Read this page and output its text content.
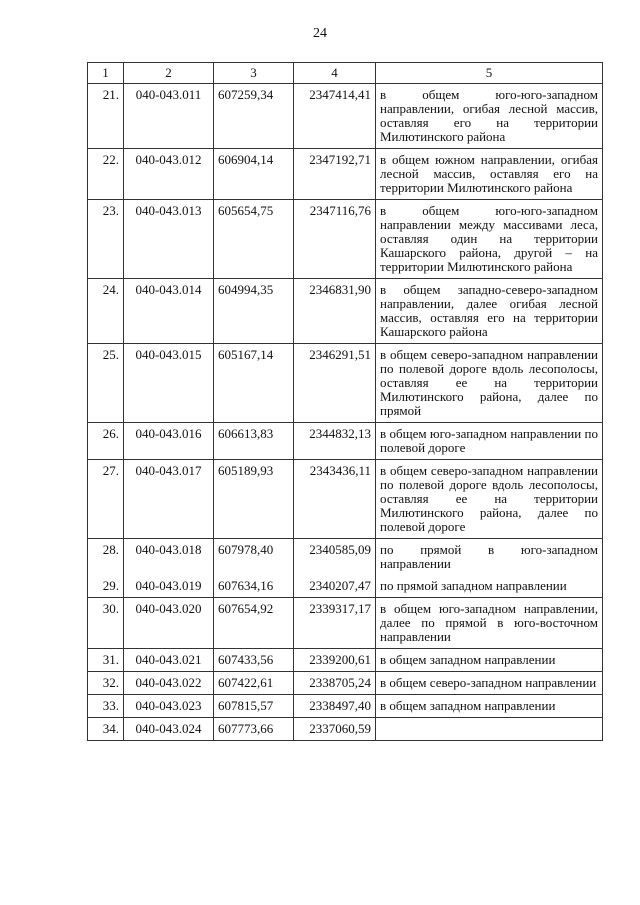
24
1	2	3	4	5
21.	040-043.011	607259,34	2347414,41	в общем юго-юго-западном направлении, огибая лесной массив, оставляя его на территории Милютинского района
22.	040-043.012	606904,14	2347192,71	в общем южном направлении, огибая лесной массив, оставляя его на территории Милютинского района
23.	040-043.013	605654,75	2347116,76	в общем юго-юго-западном направлении между массивами леса, оставляя один на территории Кашарского района, другой – на территории Милютинского района
24.	040-043.014	604994,35	2346831,90	в общем западно-северо-западном направлении, далее огибая лесной массив, оставляя его на территории Кашарского района
25.	040-043.015	605167,14	2346291,51	в общем северо-западном направлении по полевой дороге вдоль лесополосы, оставляя ее на территории Милютинского района, далее по прямой
26.	040-043.016	606613,83	2344832,13	в общем юго-западном направлении по полевой дороге
27.	040-043.017	605189,93	2343436,11	в общем северо-западном направлении по полевой дороге вдоль лесополосы, оставляя ее на территории Милютинского района, далее по полевой дороге
28.	040-043.018	607978,40	2340585,09	по прямой в юго-западном направлении
29.	040-043.019	607634,16	2340207,47	по прямой западном направлении
30.	040-043.020	607654,92	2339317,17	в общем юго-западном направлении, далее по прямой в юго-восточном направлении
31.	040-043.021	607433,56	2339200,61	в общем западном направлении
32.	040-043.022	607422,61	2338705,24	в общем северо-западном направлении
33.	040-043.023	607815,57	2338497,40	в общем западном направлении
34.	040-043.024	607773,66	2337060,59	
